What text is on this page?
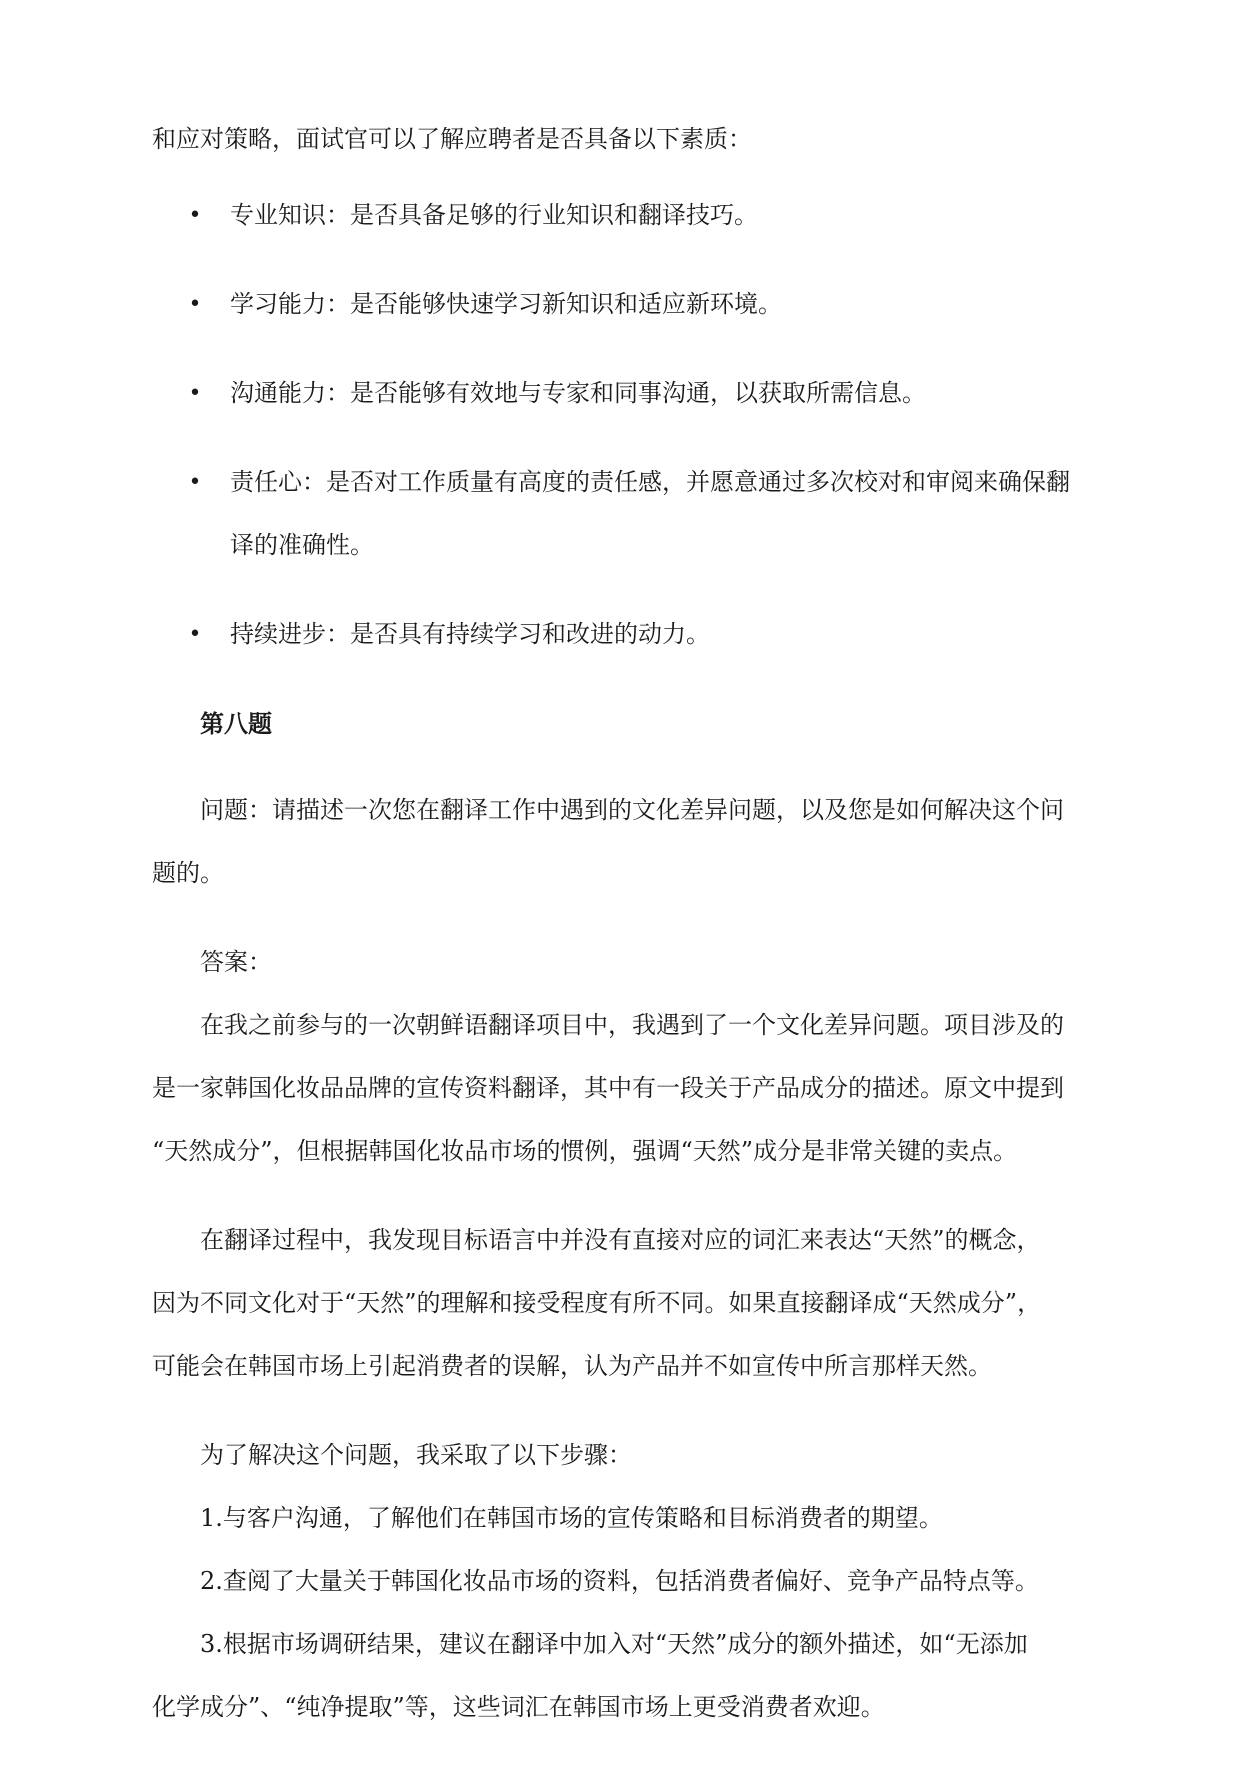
和应对策略，面试官可以了解应聘者是否具备以下素质：

• 专业知识：是否具备足够的行业知识和翻译技巧。
• 学习能力：是否能够快速学习新知识和适应新环境。
• 沟通能力：是否能够有效地与专家和同事沟通，以获取所需信息。
• 责任心：是否对工作质量有高度的责任感，并愿意通过多次校对和审阅来确保翻
译的准确性。
• 持续进步：是否具有持续学习和改进的动力。

第八题

问题：请描述一次您在翻译工作中遇到的文化差异问题，以及您是如何解决这个问
题的。

答案：

在我之前参与的一次朝鲜语翻译项目中，我遇到了一个文化差异问题。项目涉及的
是一家韩国化妆品品牌的宣传资料翻译，其中有一段关于产品成分的描述。原文中提到
“天然成分”，但根据韩国化妆品市场的惯例，强调“天然”成分是非常关键的卖点。
在翻译过程中，我发现目标语言中并没有直接对应的词汇来表达“天然”的概念，
因为不同文化对于“天然”的理解和接受程度有所不同。如果直接翻译成“天然成分”，
可能会在韩国市场上引起消费者的误解，认为产品并不如宣传中所言那样天然。

为了解决这个问题，我采取了以下步骤：

1.与客户沟通，了解他们在韩国市场的宣传策略和目标消费者的期望。

2.查阅了大量关于韩国化妆品市场的资料，包括消费者偏好、竞争产品特点等。

3.根据市场调研结果，建议在翻译中加入对“天然”成分的额外描述，如“无添加
化学成分”、“纯净提取”等，这些词汇在韩国市场上更受消费者欢迎。
